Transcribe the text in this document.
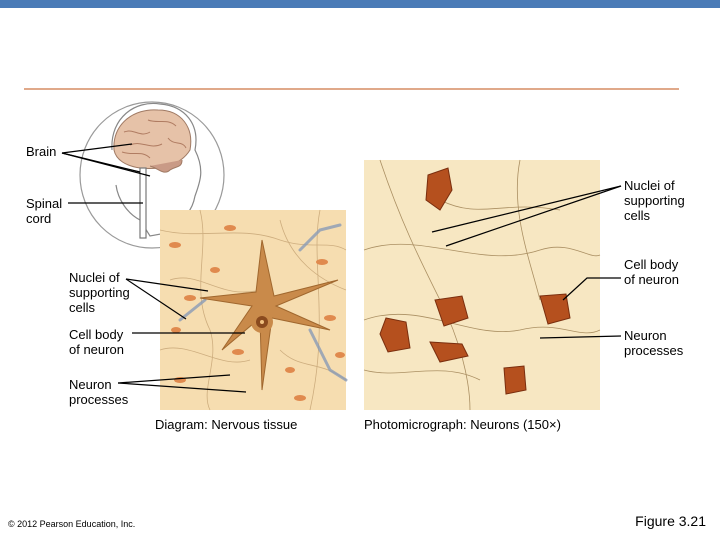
Brain
Spinal
cord
Nuclei of
supporting
cells
Cell body
of neuron
Neuron
processes
Nuclei of
supporting
cells
Cell body
of neuron
Neuron
processes
Diagram: Nervous tissue	Photomicrograph: Neurons (150×)
© 2012 Pearson Education, Inc.	Figure 3.21
